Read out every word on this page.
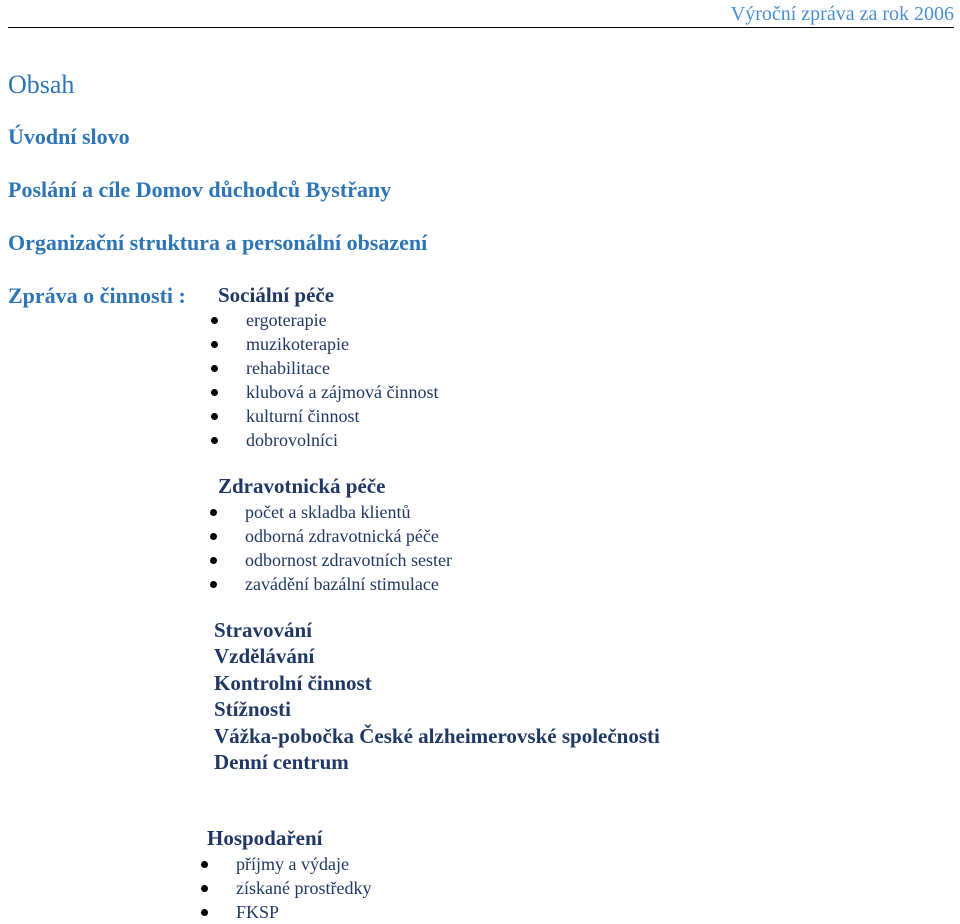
Výroční zpráva za rok 2006
Obsah
Úvodní slovo
Poslání a cíle Domov důchodců Bystřany
Organizační struktura a personální obsazení
Zpráva o činnosti : Sociální péče
ergoterapie
muzikoterapie
rehabilitace
klubová a zájmová činnost
kulturní činnost
dobrovolníci
Zdravotnická péče
počet a skladba klientů
odborná zdravotnická péče
odbornost zdravotních sester
zavádění bazální stimulace
Stravování
Vzdělávání
Kontrolní činnost
Stížnosti
Vážka-pobočka České alzheimerovské společnosti
Denní centrum
Hospodaření
příjmy a výdaje
získané prostředky
FKSP
